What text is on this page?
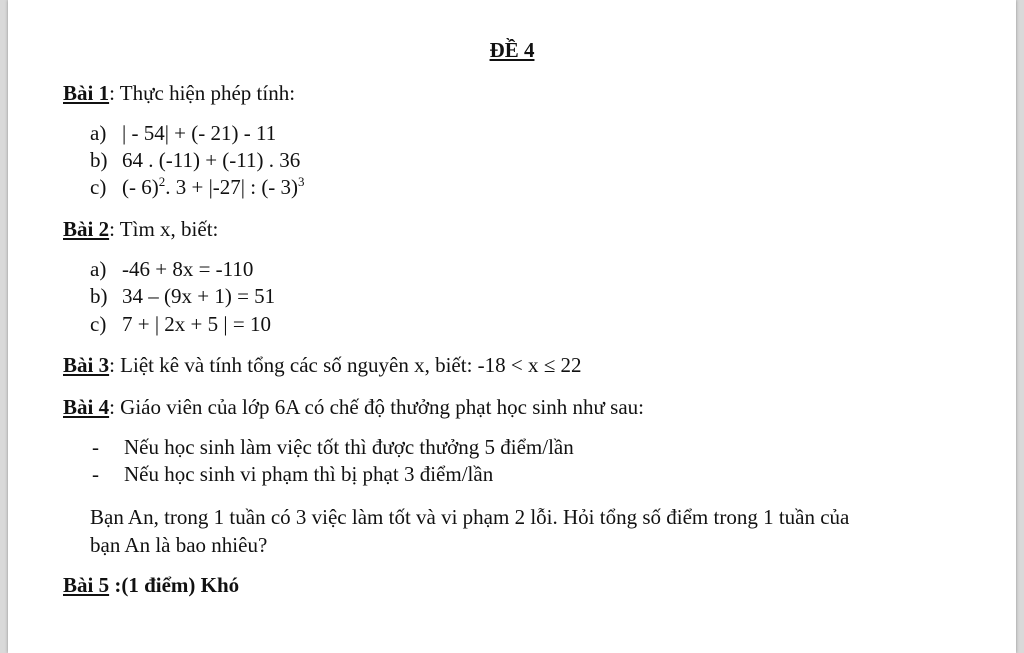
ĐỀ 4
Bài 1: Thực hiện phép tính:
a) | - 54| + (- 21) - 11
b) 64 . (-11) + (-11) . 36
c) (- 6)$^2$. 3 + |-27| : (- 3)$^3$
Bài 2: Tìm x, biết:
a) -46 + 8x = -110
b) 34 – (9x + 1) = 51
c) 7 + | 2x + 5 | = 10
Bài 3: Liệt kê và tính tổng các số nguyên x, biết: -18 < x ≤ 22
Bài 4: Giáo viên của lớp 6A có chế độ thưởng phạt học sinh như sau:
- Nếu học sinh làm việc tốt thì được thưởng 5 điểm/lần
- Nếu học sinh vi phạm thì bị phạt 3 điểm/lần
Bạn An, trong 1 tuần có 3 việc làm tốt và vi phạm 2 lỗi. Hỏi tổng số điểm trong 1 tuần của
bạn An là bao nhiêu?
Bài 5 :(1 điểm) Khó
